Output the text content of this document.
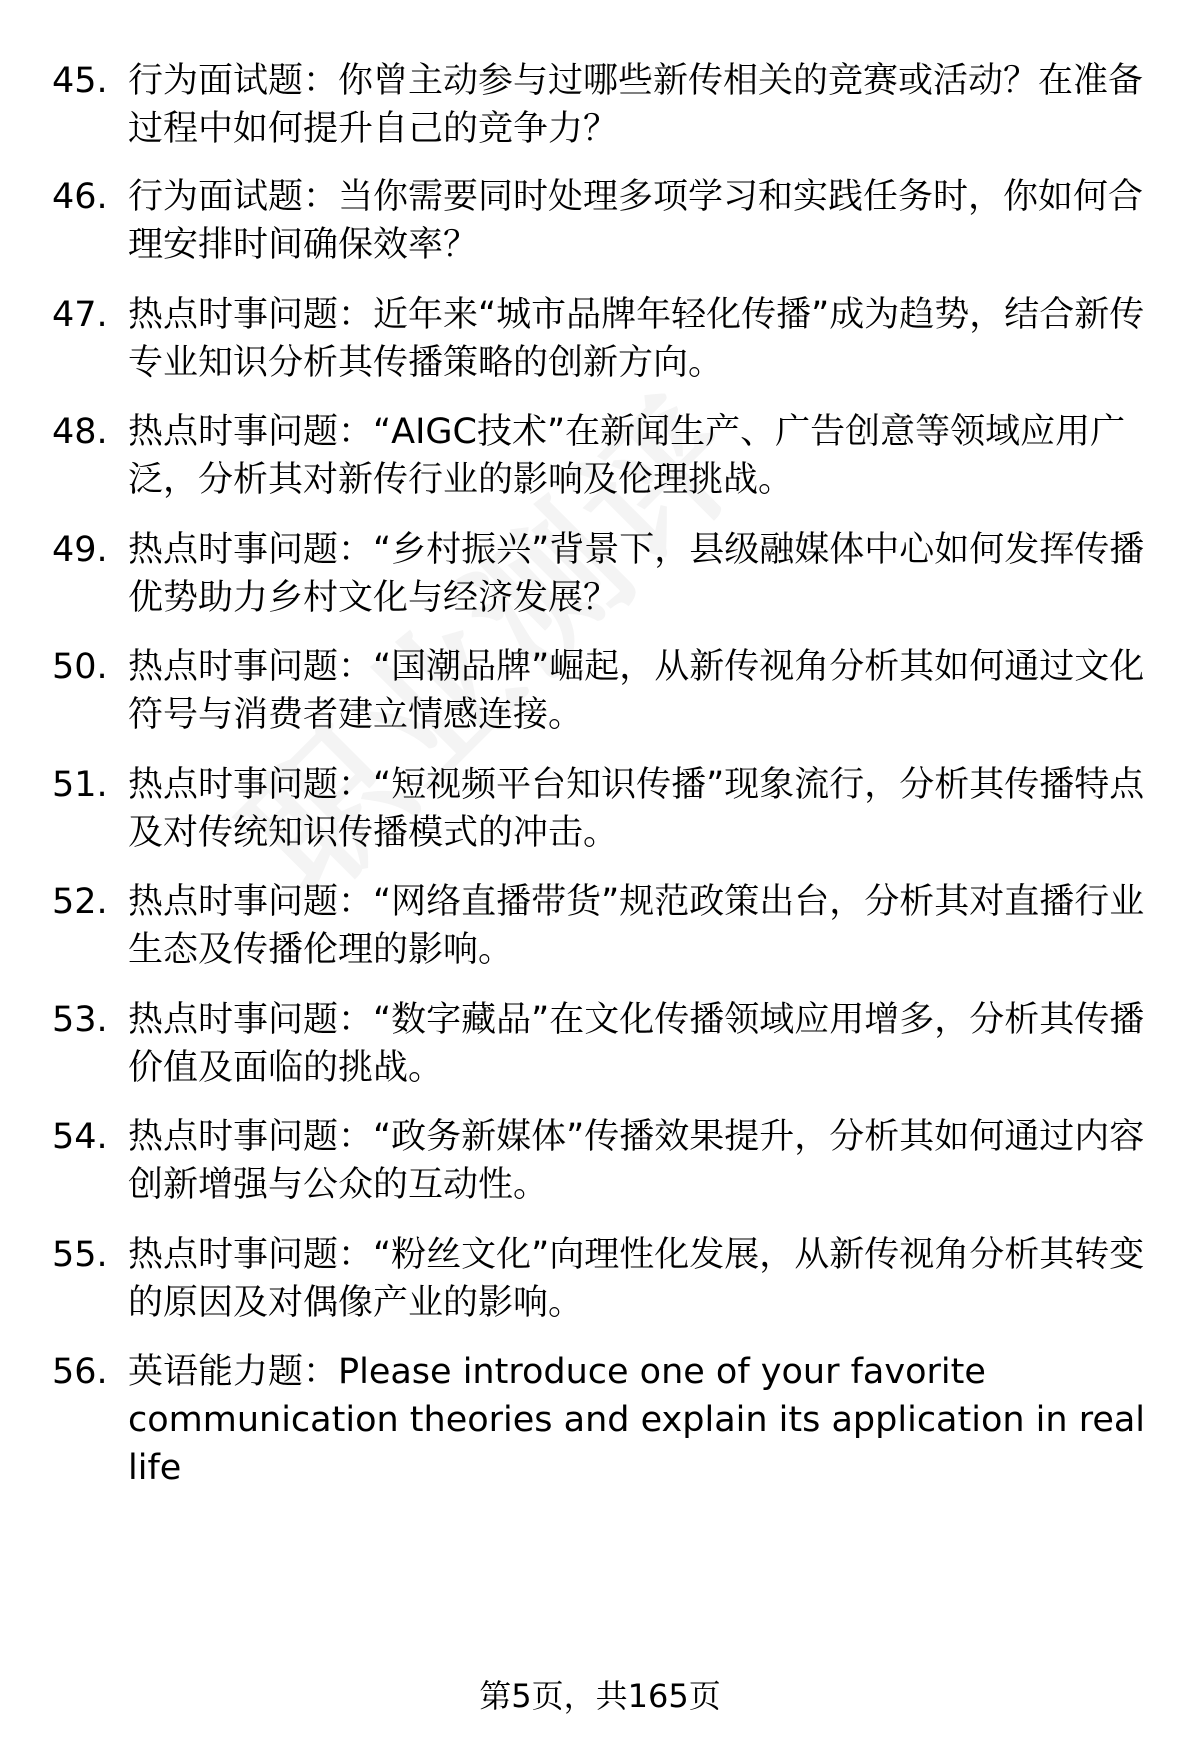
45. 行为面试题：你曾主动参与过哪些新传相关的竞赛或活动？在准备过程中如何提升自己的竞争力？
46. 行为面试题：当你需要同时处理多项学习和实践任务时，你如何合理安排时间确保效率？
47. 热点时事问题：近年来“城市品牌年轻化传播”成为趋势，结合新传专业知识分析其传播策略的创新方向。
48. 热点时事问题：“AIGC技术”在新闻生产、广告创意等领域应用广泛，分析其对新传行业的影响及伦理挑战。
49. 热点时事问题：“乡村振兴”背景下，县级融媒体中心如何发挥传播优势助力乡村文化与经济发展？
50. 热点时事问题：“国潮品牌”崛起，从新传视角分析其如何通过文化符号与消费者建立情感连接。
51. 热点时事问题：“短视频平台知识传播”现象流行，分析其传播特点及对传统知识传播模式的冲击。
52. 热点时事问题：“网络直播带货”规范政策出台，分析其对直播行业生态及传播伦理的影响。
53. 热点时事问题：“数字藏品”在文化传播领域应用增多，分析其传播价值及面临的挑战。
54. 热点时事问题：“政务新媒体”传播效果提升，分析其如何通过内容创新增强与公众的互动性。
55. 热点时事问题：“粉丝文化”向理性化发展，从新传视角分析其转变的原因及对偶像产业的影响。
56. 英语能力题：Please introduce one of your favorite communication theories and explain its application in real life
第5页，共165页
